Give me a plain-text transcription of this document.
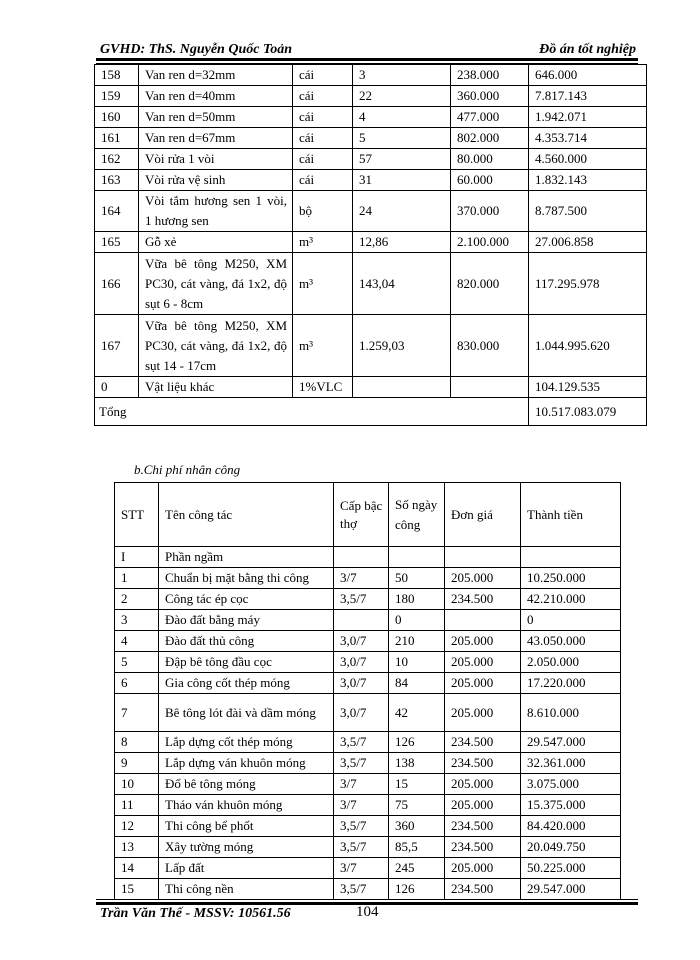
GVHD: ThS. Nguyễn Quốc Toản	Đồ án tốt nghiệp
158	Van ren d=32mm	cái	3	238.000	646.000
159	Van ren d=40mm	cái	22	360.000	7.817.143
160	Van ren d=50mm	cái	4	477.000	1.942.071
161	Van ren d=67mm	cái	5	802.000	4.353.714
162	Vòi rửa 1 vòi	cái	57	80.000	4.560.000
163	Vòi rửa vệ sinh	cái	31	60.000	1.832.143
164	Vòi tắm hương sen 1 vòi, 1 hương sen	bộ	24	370.000	8.787.500
165	Gỗ xẻ	m³	12,86	2.100.000	27.006.858
166	Vữa bê tông M250, XM PC30, cát vàng, đá 1x2, độ sụt 6 - 8cm	m³	143,04	820.000	117.295.978
167	Vữa bê tông M250, XM PC30, cát vàng, đá 1x2, độ sụt 14 - 17cm	m³	1.259,03	830.000	1.044.995.620
0	Vật liệu khác	1%VLC			104.129.535
Tổng					10.517.083.079
b.Chi phí nhân công
STT	Tên công tác	Cấp bậc thợ	Số ngày công	Đơn giá	Thành tiền
I	Phần ngầm				
1	Chuẩn bị mặt bằng thi công	3/7	50	205.000	10.250.000
2	Công tác ép cọc	3,5/7	180	234.500	42.210.000
3	Đào đất bằng máy		0		0
4	Đào đất thủ công	3,0/7	210	205.000	43.050.000
5	Đập bê tông đầu cọc	3,0/7	10	205.000	2.050.000
6	Gia công cốt thép móng	3,0/7	84	205.000	17.220.000
7	Bê tông lót đài và dầm móng	3,0/7	42	205.000	8.610.000
8	Lắp dựng cốt thép móng	3,5/7	126	234.500	29.547.000
9	Lắp dựng ván khuôn móng	3,5/7	138	234.500	32.361.000
10	Đổ bê tông móng	3/7	15	205.000	3.075.000
11	Tháo ván khuôn móng	3/7	75	205.000	15.375.000
12	Thi công bể phốt	3,5/7	360	234.500	84.420.000
13	Xây tường móng	3,5/7	85,5	234.500	20.049.750
14	Lấp đất	3/7	245	205.000	50.225.000
15	Thi công nền	3,5/7	126	234.500	29.547.000
Trần Văn Thế - MSSV: 10561.56	104
